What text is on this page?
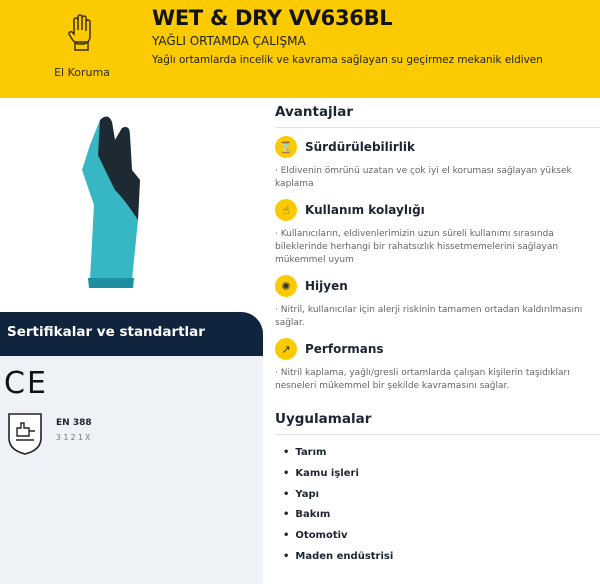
El Koruma
WET & DRY VV636BL
YAĞLI ORTAMDA ÇALIŞMA
Yağlı ortamlarda incelik ve kavrama sağlayan su geçirmez mekanik eldiven
Sertifikalar ve standartlar
CE
EN 388
3121X
Avantajlar
⌛	Sürdürülebilirlik
· Eldivenin ömrünü uzatan ve çok iyi el koruması sağlayan yüksek kaplama
☝	Kullanım kolaylığı
· Kullanıcıların, eldivenlerimizin uzun süreli kullanımı sırasında bileklerinde herhangi bir rahatsızlık hissetmemelerini sağlayan mükemmel uyum
✺	Hijyen
· Nitril, kullanıcılar için alerji riskinin tamamen ortadan kaldırılmasını sağlar.
↗	Performans
· Nitril kaplama, yağlı/gresli ortamlarda çalışan kişilerin taşıdıkları nesneleri mükemmel bir şekilde kavramasını sağlar.
Uygulamalar
• Tarım
• Kamu işleri
• Yapı
• Bakım
• Otomotiv
• Maden endüstrisi
